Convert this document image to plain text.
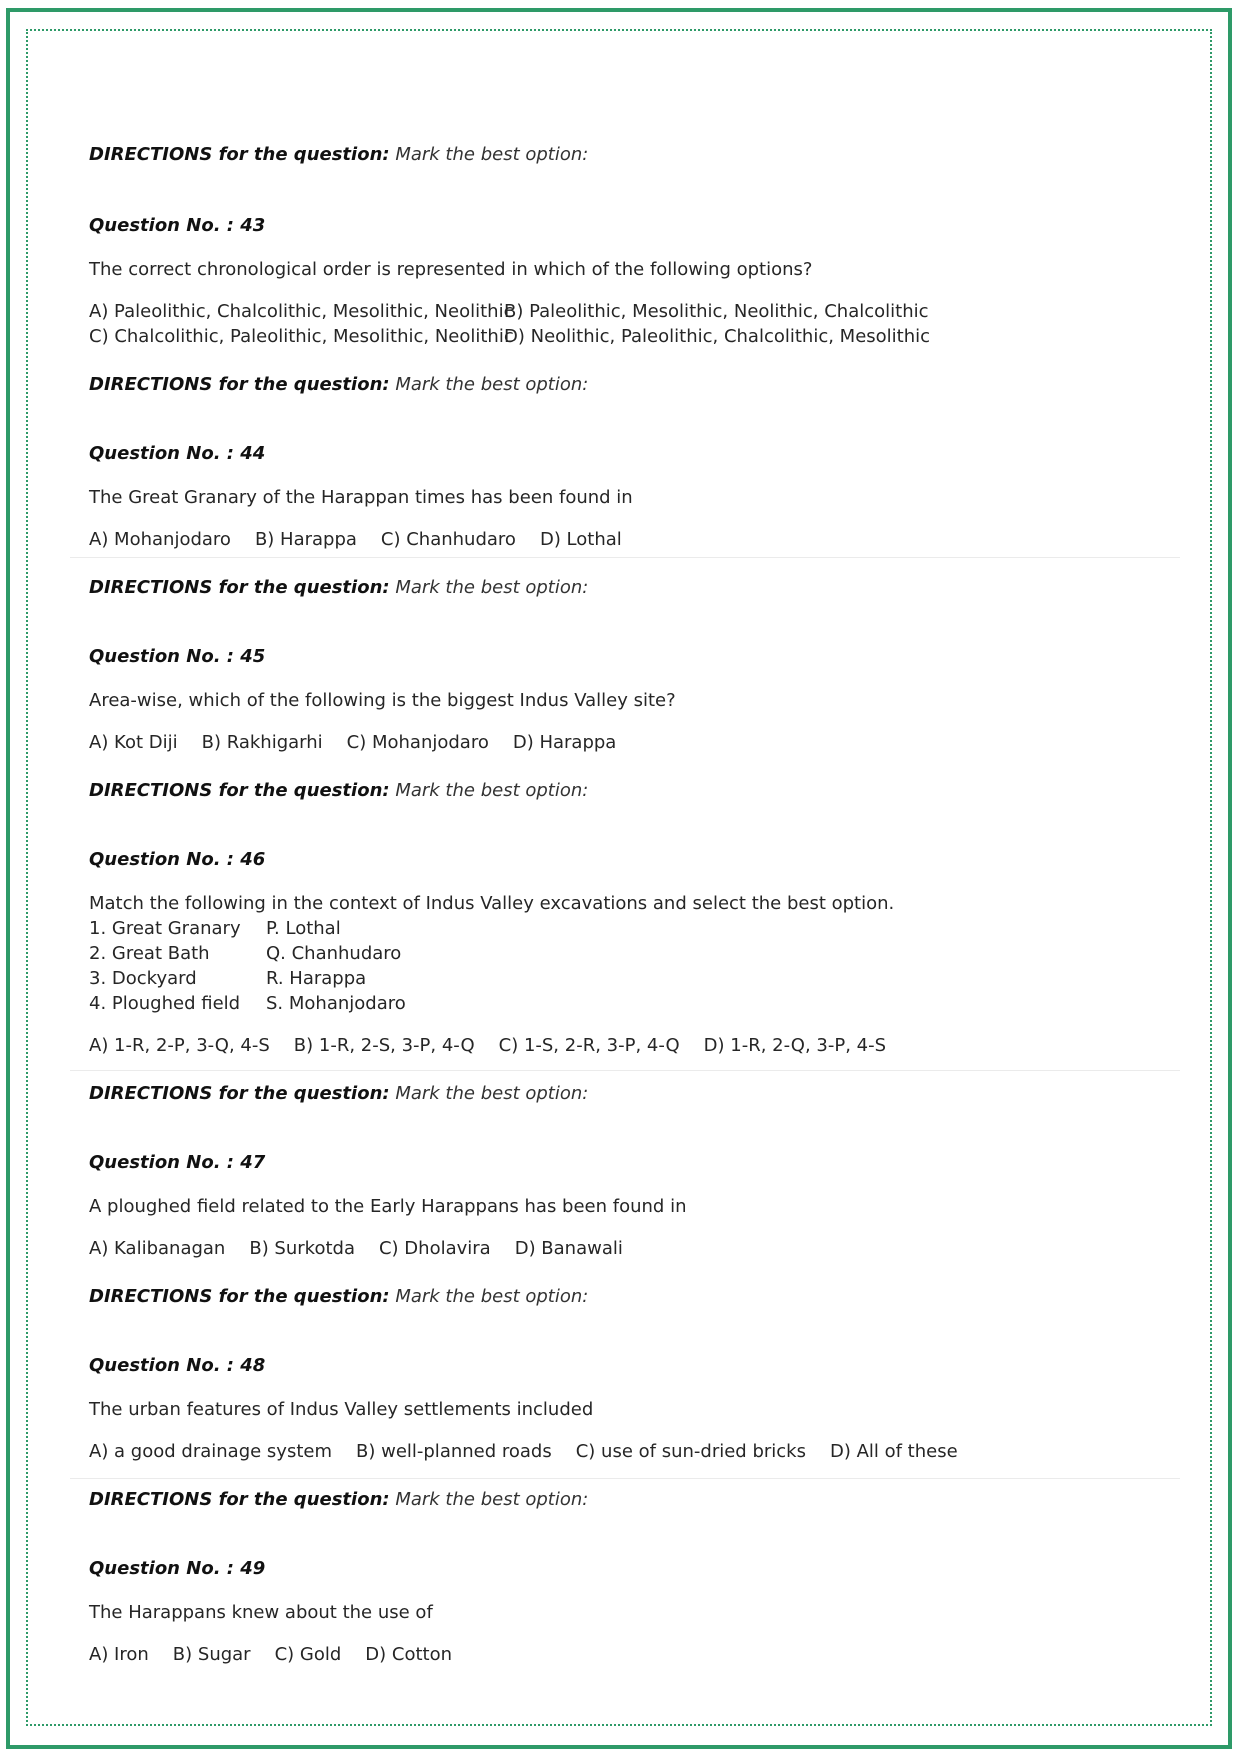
DIRECTIONS for the question: Mark the best option:
Question No. : 43
The correct chronological order is represented in which of the following options?
A) Paleolithic, Chalcolithic, Mesolithic, Neolithic
B) Paleolithic, Mesolithic, Neolithic, Chalcolithic
C) Chalcolithic, Paleolithic, Mesolithic, Neolithic
D) Neolithic, Paleolithic, Chalcolithic, Mesolithic
DIRECTIONS for the question: Mark the best option:
Question No. : 44
The Great Granary of the Harappan times has been found in
A) Mohanjodaro B) Harappa C) Chanhudaro D) Lothal
DIRECTIONS for the question: Mark the best option:
Question No. : 45
Area-wise, which of the following is the biggest Indus Valley site?
A) Kot Diji B) Rakhigarhi C) Mohanjodaro D) Harappa
DIRECTIONS for the question: Mark the best option:
Question No. : 46
Match the following in the context of Indus Valley excavations and select the best option.
1. Great Granary	P. Lothal
2. Great Bath	Q. Chanhudaro
3. Dockyard	R. Harappa
4. Ploughed field	S. Mohanjodaro
A) 1-R, 2-P, 3-Q, 4-S B) 1-R, 2-S, 3-P, 4-Q C) 1-S, 2-R, 3-P, 4-Q D) 1-R, 2-Q, 3-P, 4-S
DIRECTIONS for the question: Mark the best option:
Question No. : 47
A ploughed field related to the Early Harappans has been found in
A) Kalibanagan B) Surkotda C) Dholavira D) Banawali
DIRECTIONS for the question: Mark the best option:
Question No. : 48
The urban features of Indus Valley settlements included
A) a good drainage system B) well-planned roads C) use of sun-dried bricks D) All of these
DIRECTIONS for the question: Mark the best option:
Question No. : 49
The Harappans knew about the use of
A) Iron B) Sugar C) Gold D) Cotton
